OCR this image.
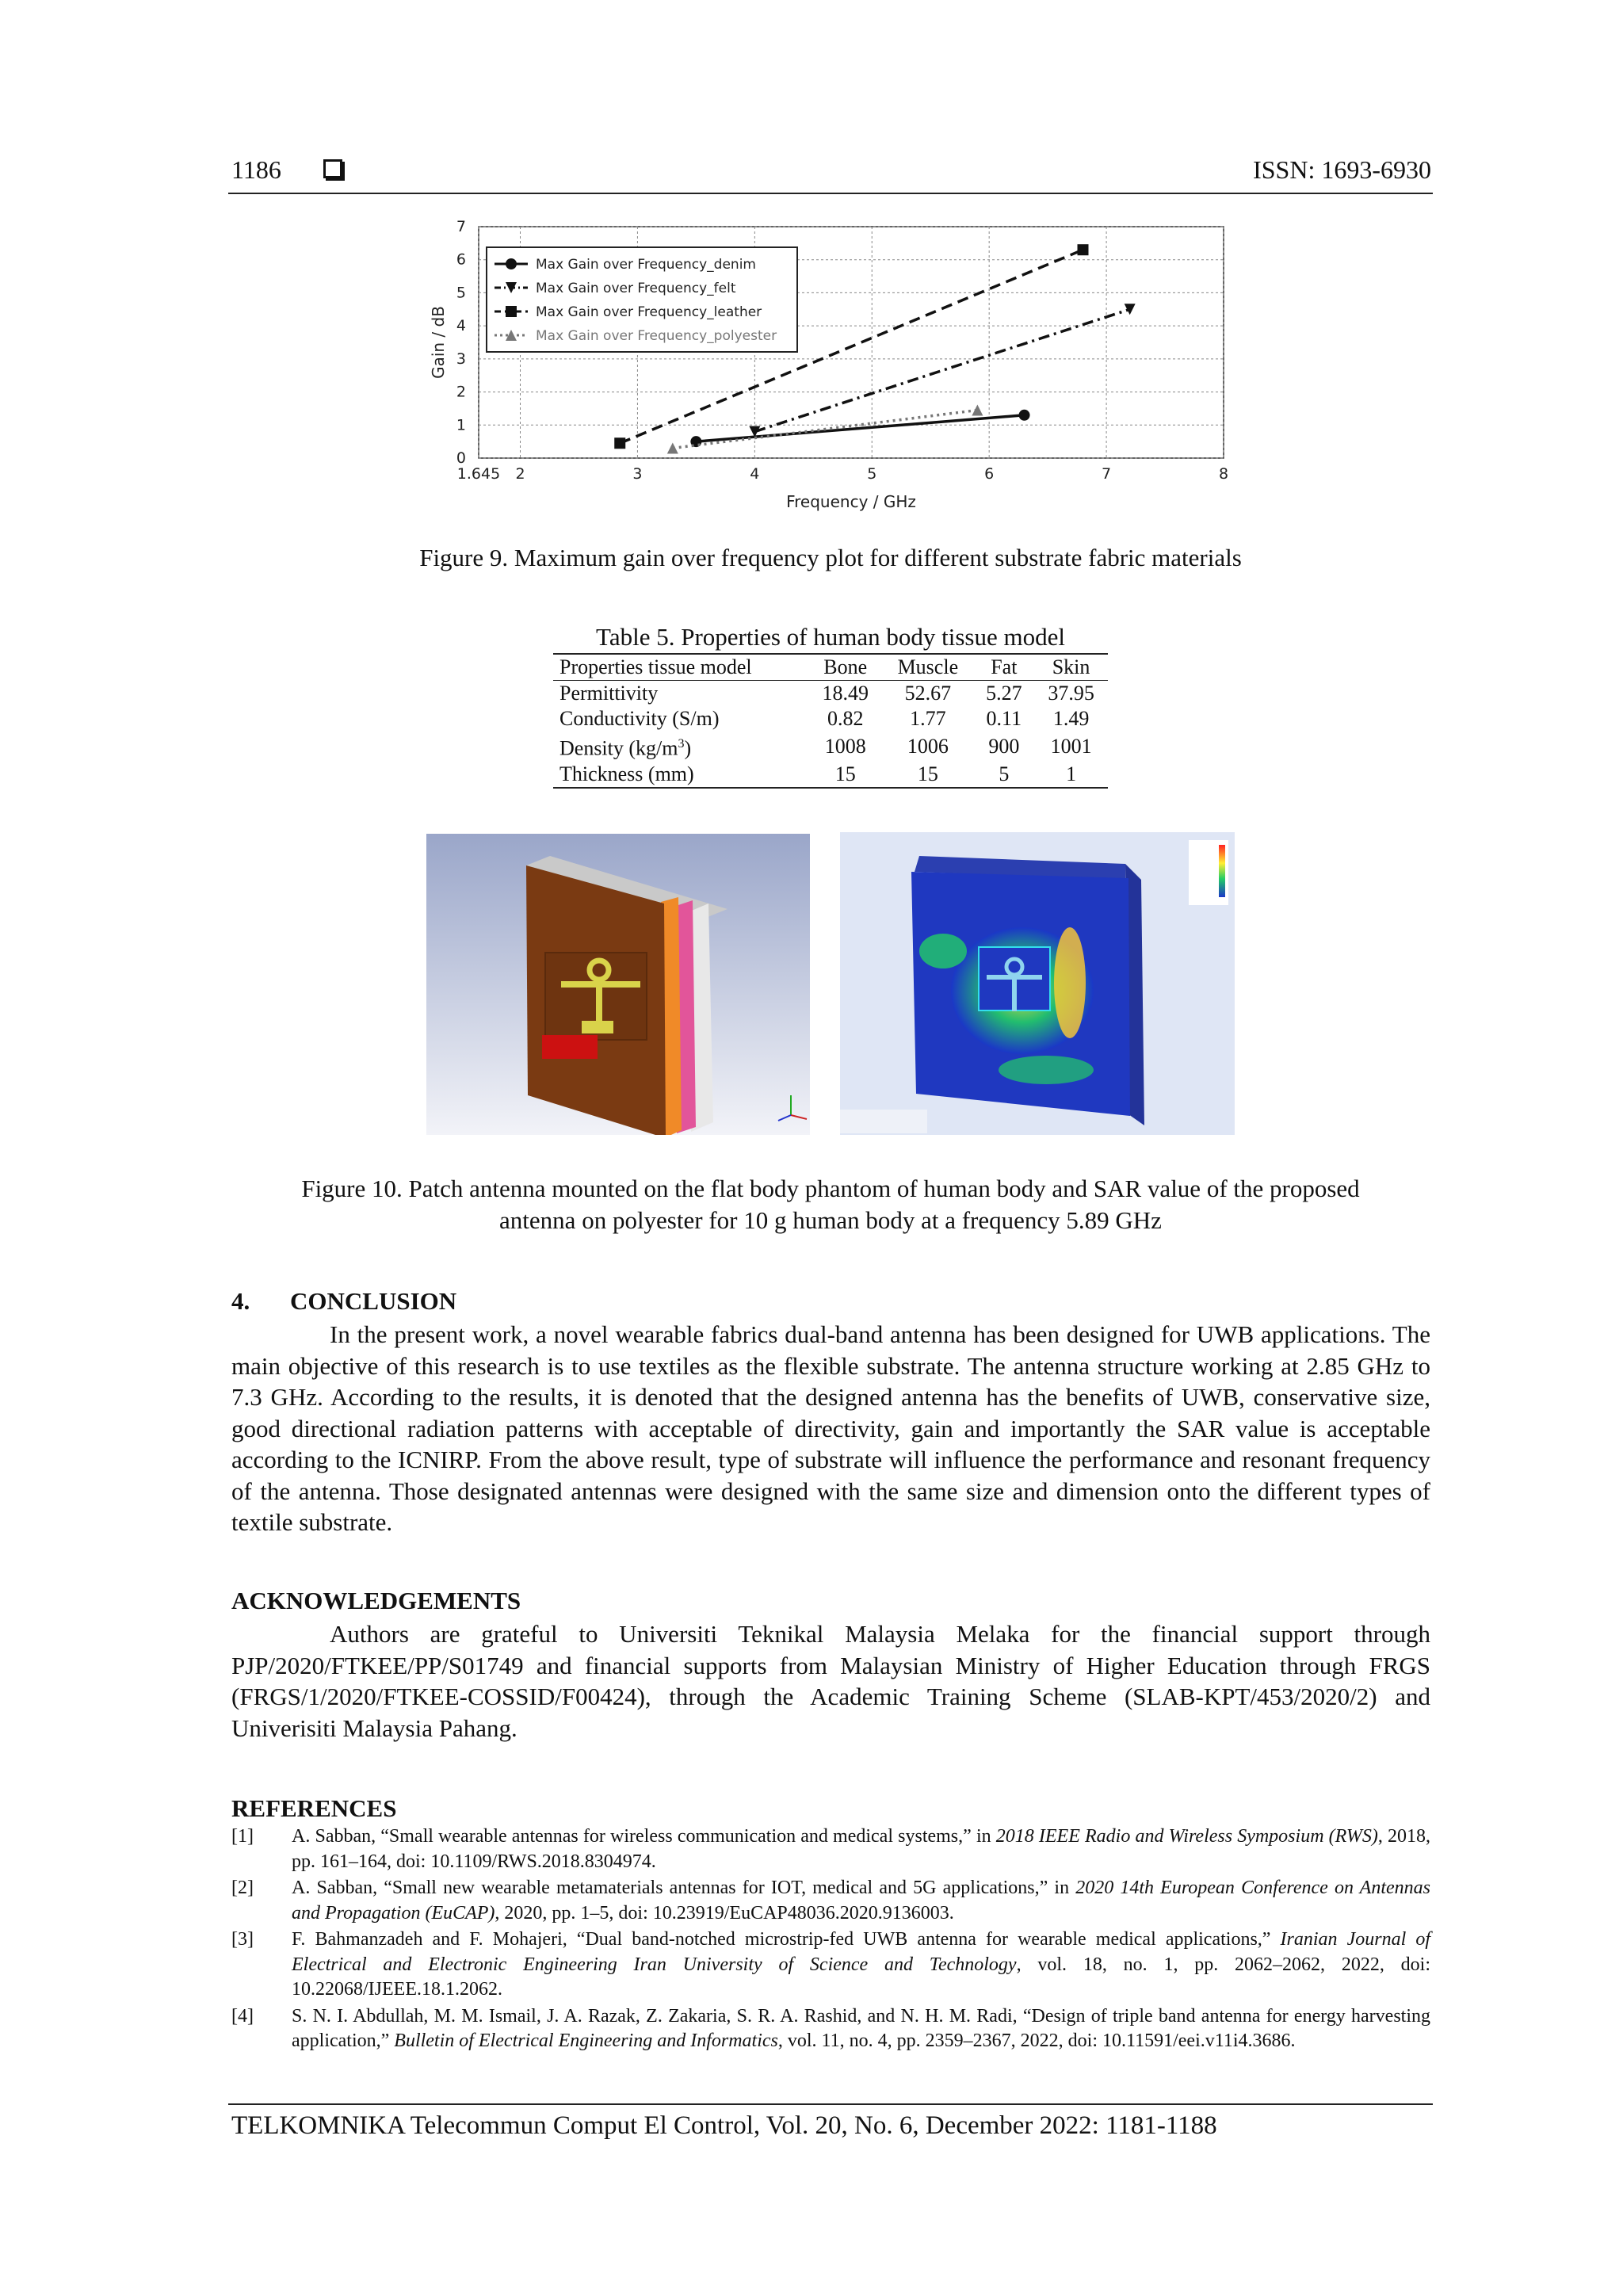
1186	ISSN: 1693-6930
1.645 2	3	4	5	6	7	8
0
1
2
3
4
5
6
7
Frequency / GHz
Gain / dB
Max Gain over Frequency_denim
Max Gain over Frequency_felt
Max Gain over Frequency_leather
Max Gain over Frequency_polyester
Figure 9. Maximum gain over frequency plot for different substrate fabric materials
Table 5. Properties of human body tissue model
Properties tissue model	Bone	Muscle	Fat	Skin
Permittivity	18.49	52.67	5.27	37.95
Conductivity (S/m)	0.82	1.77	0.11	1.49
Density $(kg/m^3)$	1008	1006	900	1001
Thickness (mm)	15	15	5	1
Figure 10. Patch antenna mounted on the flat body phantom of human body and SAR value of the proposed
antenna on polyester for 10 g human body at a frequency 5.89 GHz
4. CONCLUSION
In the present work, a novel wearable fabrics dual-band antenna has been designed for UWB applications. The main objective of this research is to use textiles as the flexible substrate. The antenna structure working at 2.85 GHz to 7.3 GHz. According to the results, it is denoted that the designed antenna has the benefits of UWB, conservative size, good directional radiation patterns with acceptable of directivity, gain and importantly the SAR value is acceptable according to the ICNIRP. From the above result, type of substrate will influence the performance and resonant frequency of the antenna. Those designated antennas were designed with the same size and dimension onto the different types of textile substrate.
ACKNOWLEDGEMENTS
Authors are grateful to Universiti Teknikal Malaysia Melaka for the financial support through PJP/2020/FTKEE/PP/S01749 and financial supports from Malaysian Ministry of Higher Education through FRGS (FRGS/1/2020/FTKEE-COSSID/F00424), through the Academic Training Scheme (SLAB-KPT/453/2020/2) and Univerisiti Malaysia Pahang.
REFERENCES
[1] A. Sabban, “Small wearable antennas for wireless communication and medical systems,” in 2018 IEEE Radio and Wireless Symposium (RWS), 2018, pp. 161–164, doi: 10.1109/RWS.2018.8304974.
[2] A. Sabban, “Small new wearable metamaterials antennas for IOT, medical and 5G applications,” in 2020 14th European Conference on Antennas and Propagation (EuCAP), 2020, pp. 1–5, doi: 10.23919/EuCAP48036.2020.9136003.
[3] F. Bahmanzadeh and F. Mohajeri, “Dual band-notched microstrip-fed UWB antenna for wearable medical applications,” Iranian Journal of Electrical and Electronic Engineering Iran University of Science and Technology, vol. 18, no. 1, pp. 2062–2062, 2022, doi: 10.22068/IJEEE.18.1.2062.
[4] S. N. I. Abdullah, M. M. Ismail, J. A. Razak, Z. Zakaria, S. R. A. Rashid, and N. H. M. Radi, “Design of triple band antenna for energy harvesting application,” Bulletin of Electrical Engineering and Informatics, vol. 11, no. 4, pp. 2359–2367, 2022, doi: 10.11591/eei.v11i4.3686.
TELKOMNIKA Telecommun Comput El Control, Vol. 20, No. 6, December 2022: 1181-1188
